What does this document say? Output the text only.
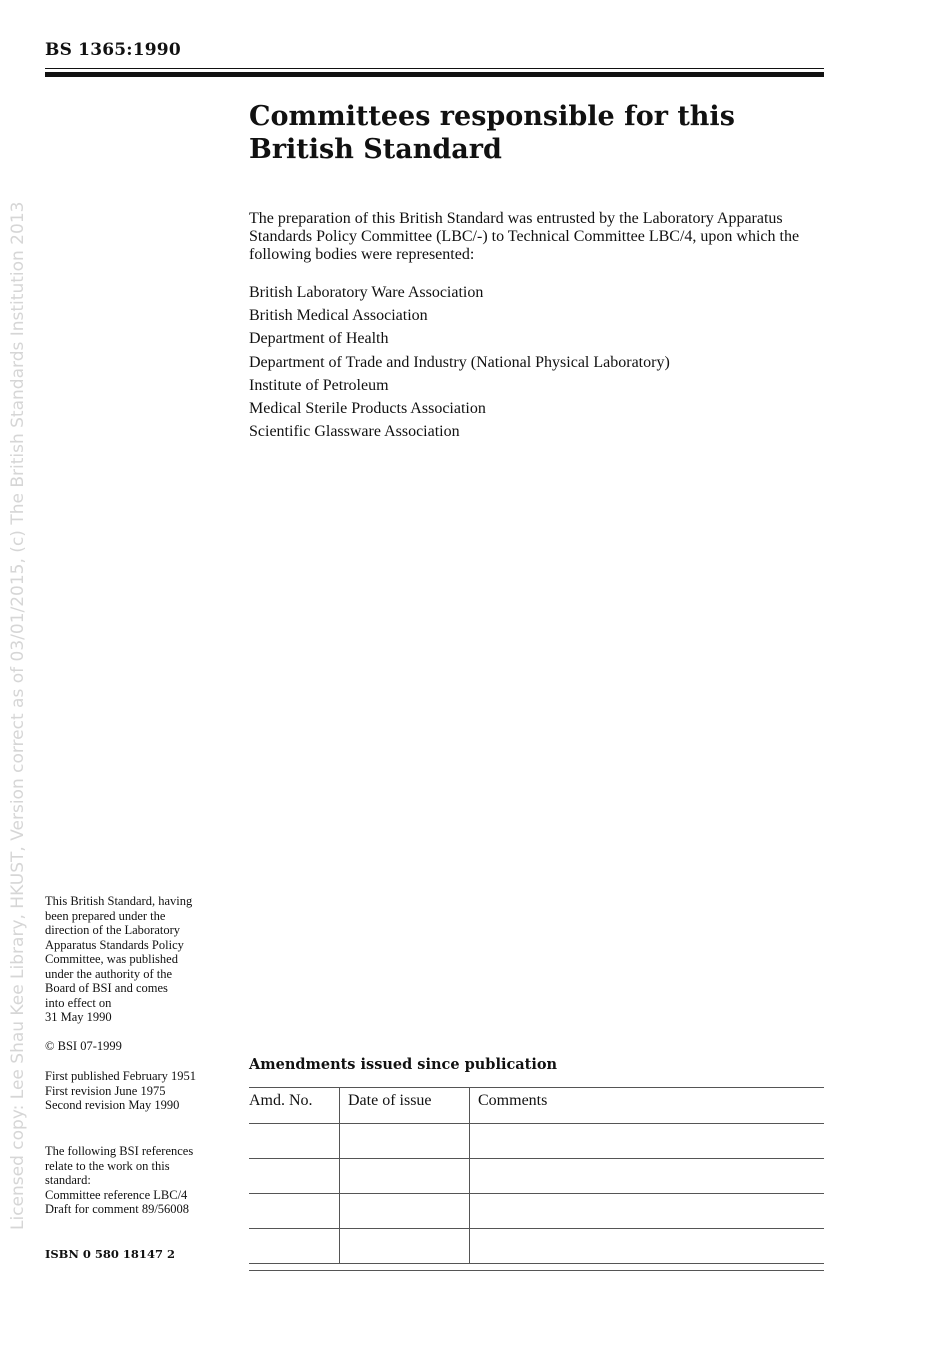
BS 1365:1990
Licensed copy: Lee Shau Kee Library, HKUST, Version correct as of 03/01/2015, (c) The British Standards Institution 2013
Committees responsible for this
British Standard

The preparation of this British Standard was entrusted by the Laboratory Apparatus Standards Policy Committee (LBC/-) to Technical Committee LBC/4, upon which the following bodies were represented:

British Laboratory Ware Association
British Medical Association
Department of Health
Department of Trade and Industry (National Physical Laboratory)
Institute of Petroleum
Medical Sterile Products Association
Scientific Glassware Association

This British Standard, having

been prepared under the

direction of the Laboratory

Apparatus Standards Policy

Committee, was published

under the authority of the

Board of BSI and comes

into effect on

31 May 1990

© BSI 07-1999

First published February 1951

First revision June 1975

Second revision May 1990

The following BSI references

relate to the work on this

standard:

Committee reference LBC/4

Draft for comment 89/56008

ISBN 0 580 18147 2
Amendments issued since publication
Amd. No.	Date of issue	Comments
